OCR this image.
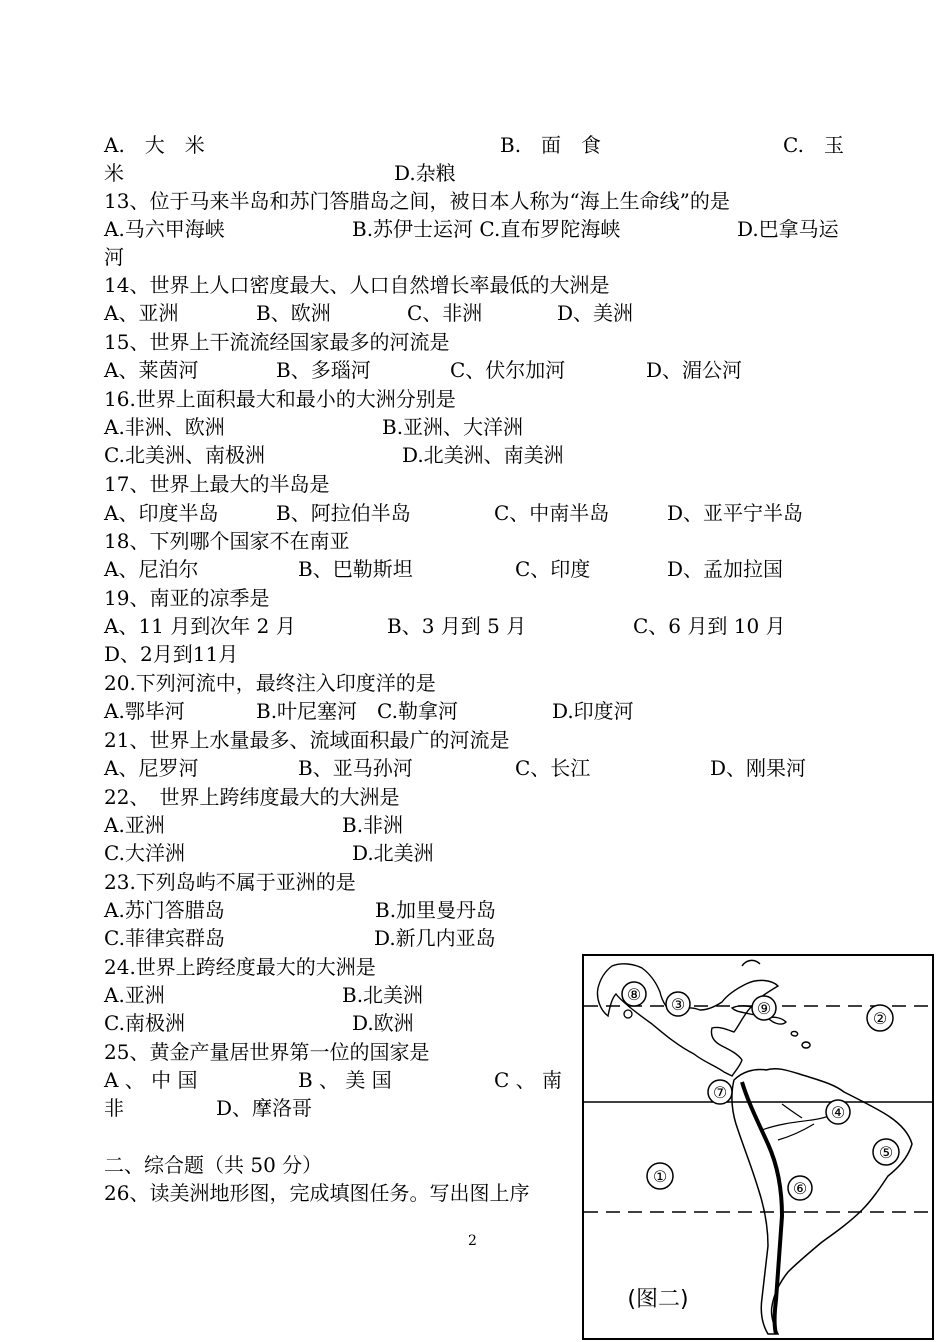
A.　大　米	B.　面　食	C.　玉
米	D.杂粮
13、位于马来半岛和苏门答腊岛之间，被日本人称为“海上生命线”的是
A.马六甲海峡	B.苏伊士运河 C.直布罗陀海峡	D.巴拿马运
河
14、世界上人口密度最大、人口自然增长率最低的大洲是
A、亚洲	B、欧洲	C、非洲	D、美洲
15、世界上干流流经国家最多的河流是
A、莱茵河	B、多瑙河	C、伏尔加河	D、湄公河
16.世界上面积最大和最小的大洲分别是
A.非洲、欧洲	B.亚洲、大洋洲
C.北美洲、南极洲	D.北美洲、南美洲
17、世界上最大的半岛是
A、印度半岛	B、阿拉伯半岛	C、中南半岛	D、亚平宁半岛
18、下列哪个国家不在南亚
A、尼泊尔	B、巴勒斯坦	C、印度	D、孟加拉国
19、南亚的凉季是
A、11 月到次年 2 月	B、3 月到 5 月	C、6 月到 10 月
D、2月到11月
20.下列河流中，最终注入印度洋的是
A.鄂毕河	B.叶尼塞河　C.勒拿河	D.印度河
21、世界上水量最多、流域面积最广的河流是
A、尼罗河	B、亚马孙河	C、长江	D、刚果河
22、　世界上跨纬度最大的大洲是
A.亚洲	B.非洲
C.大洋洲	D.北美洲
23.下列岛屿不属于亚洲的是
A.苏门答腊岛	B.加里曼丹岛
C.菲律宾群岛	D.新几内亚岛
24.世界上跨经度最大的大洲是
A.亚洲	B.北美洲
C.南极洲	D.欧洲
25、黄金产量居世界第一位的国家是
A 、 中 国	B 、 美 国	C 、 南
非	D、摩洛哥
二、综合题（共 50 分）
26、读美洲地形图，完成填图任务。写出图上序
2
⑧
③	⑨
②
⑦
④
⑤
①
⑥
(图二)
